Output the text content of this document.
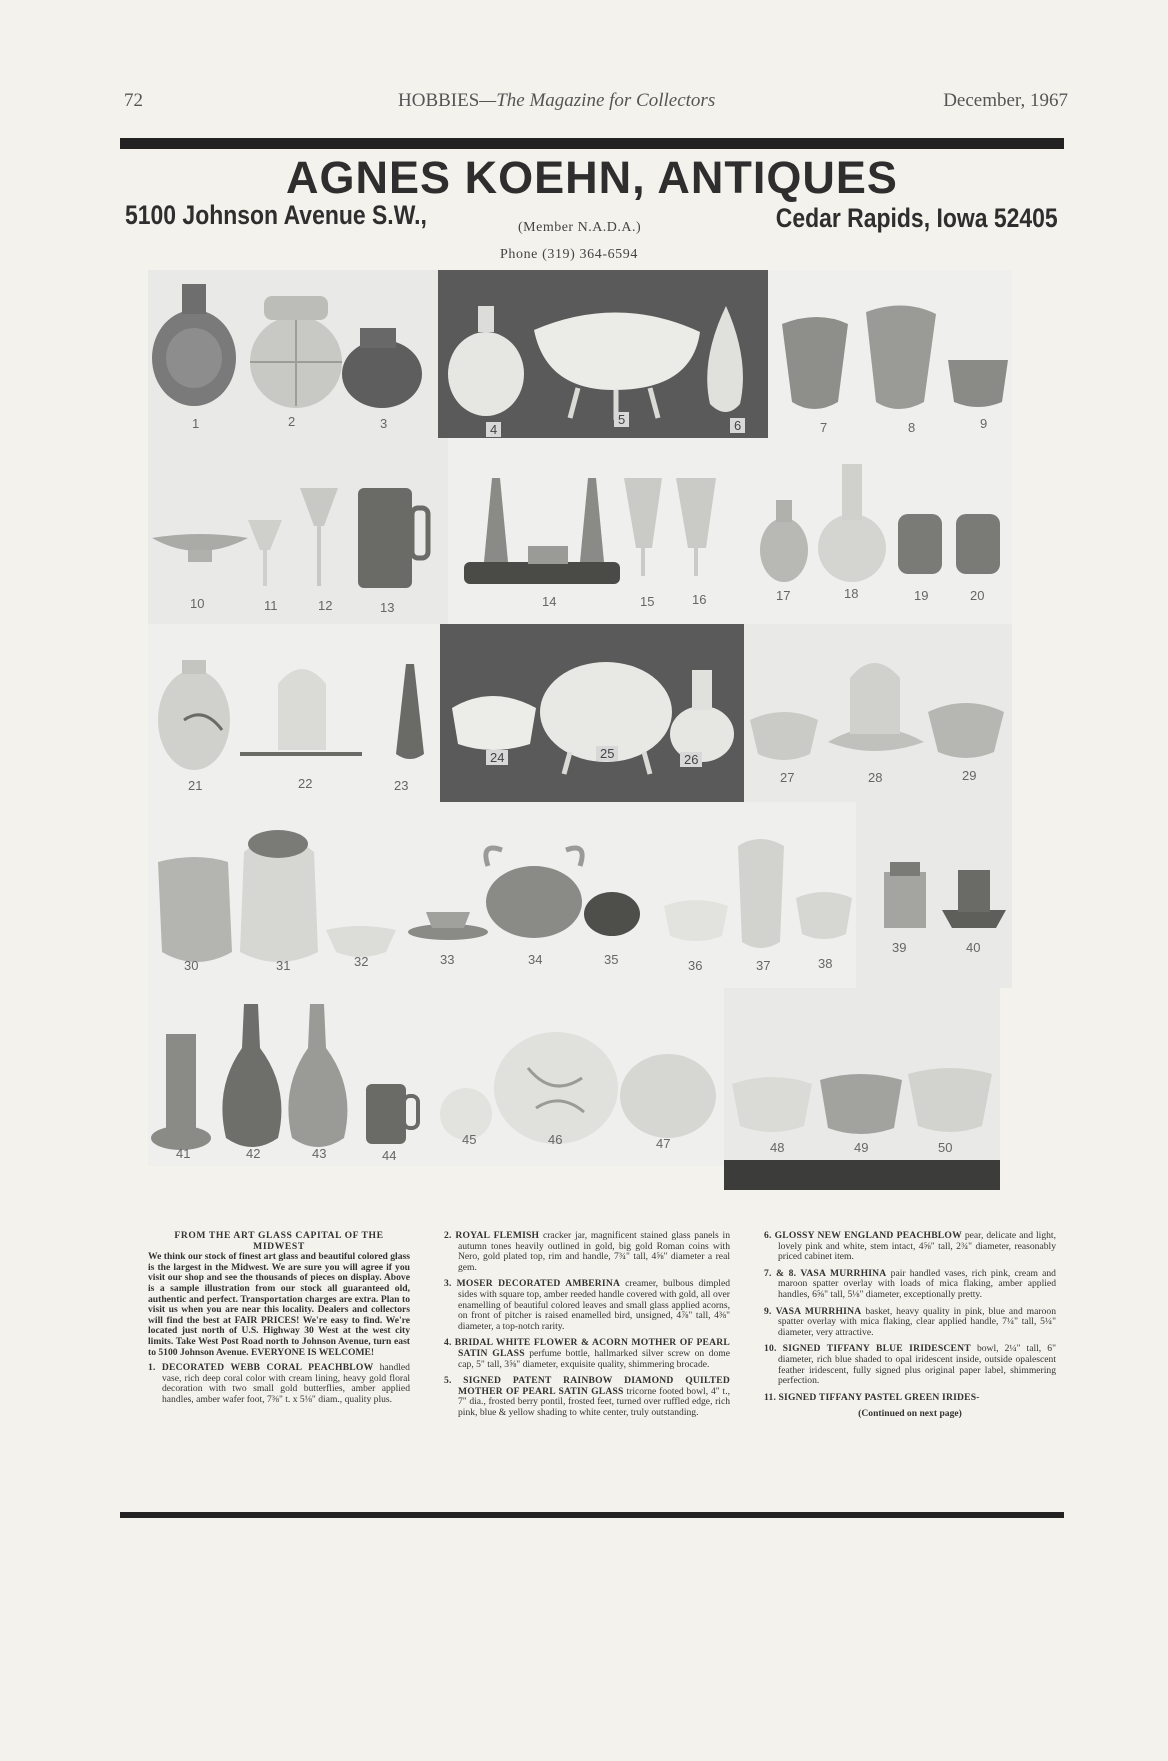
72	HOBBIES—The Magazine for Collectors	December, 1967
AGNES KOEHN, ANTIQUES
5100 Johnson Avenue S.W.,	(Member N.A.D.A.)	Cedar Rapids, Iowa 52405
Phone (319) 364-6594
1	2	3	4
5	6	7	8	9
10	11	12	13	14	15	16	17	18	19	20
21	22	23
24	25	26
27	28	29
30	31	32	33	34	35	36	37	38
39	40
41	42	43	44
45	46	47	48	49	50
FROM THE ART GLASS CAPITAL OF THE MIDWEST

We think our stock of finest art glass and beautiful colored glass is the largest in the Midwest. We are sure you will agree if you visit our shop and see the thousands of pieces on display. Above is a sample illustration from our stock all guaranteed old, authentic and perfect. Transportation charges are extra. Plan to visit us when you are near this locality. Dealers and collectors will find the best at FAIR PRICES! We're easy to find. We're located just north of U.S. Highway 30 West at the west city limits. Take West Post Road north to Johnson Avenue, turn east to 5100 Johnson Avenue. EVERYONE IS WELCOME!

1. DECORATED WEBB CORAL PEACHBLOW handled vase, rich deep coral color with cream lining, heavy gold floral decoration with two small gold butterflies, amber applied handles, amber wafer foot, 7⅜" t. x 5⅛" diam., quality plus.
2. ROYAL FLEMISH cracker jar, magnificent stained glass panels in autumn tones heavily outlined in gold, big gold Roman coins with Nero, gold plated top, rim and handle, 7¾" tall, 4⅝" diameter a real gem.
3. MOSER DECORATED AMBERINA creamer, bulbous dimpled sides with square top, amber reeded handle covered with gold, all over enamelling of beautiful colored leaves and small glass applied acorns, on front of pitcher is raised enamelled bird, unsigned, 4⅞" tall, 4⅜" diameter, a top-notch rarity.
4. BRIDAL WHITE FLOWER & ACORN MOTHER OF PEARL SATIN GLASS perfume bottle, hallmarked silver screw on dome cap, 5" tall, 3⅝" diameter, exquisite quality, shimmering brocade.
5. SIGNED PATENT RAINBOW DIAMOND QUILTED MOTHER OF PEARL SATIN GLASS tricorne footed bowl, 4" t., 7" dia., frosted berry pontil, frosted feet, turned over ruffled edge, rich pink, blue & yellow shading to white center, truly outstanding.
6. GLOSSY NEW ENGLAND PEACHBLOW pear, delicate and light, lovely pink and white, stem intact, 4⅝" tall, 2¾" diameter, reasonably priced cabinet item.
7. & 8. VASA MURRHINA pair handled vases, rich pink, cream and maroon spatter overlay with loads of mica flaking, amber applied handles, 6⅝" tall, 5⅛" diameter, exceptionally pretty.
9. VASA MURRHINA basket, heavy quality in pink, blue and maroon spatter overlay with mica flaking, clear applied handle, 7¼" tall, 5¼" diameter, very attractive.
10. SIGNED TIFFANY BLUE IRIDESCENT bowl, 2¼" tall, 6" diameter, rich blue shaded to opal iridescent inside, outside opalescent feather iridescent, fully signed plus original paper label, shimmering perfection.
11. SIGNED TIFFANY PASTEL GREEN IRIDES-
(Continued on next page)
